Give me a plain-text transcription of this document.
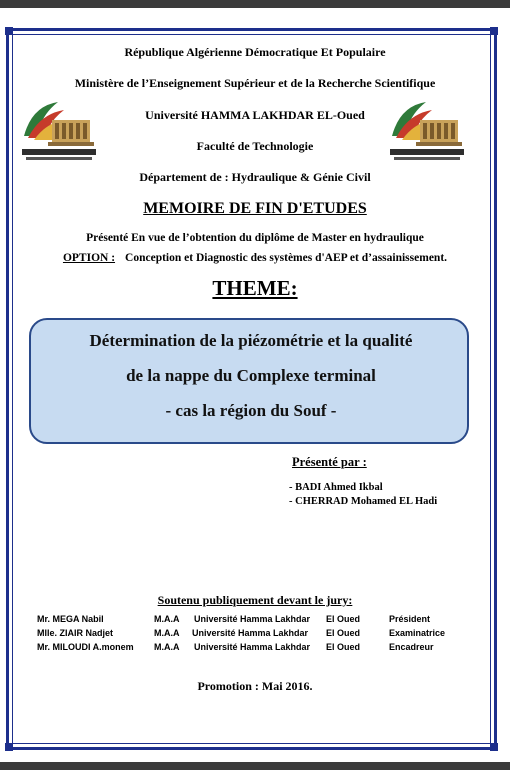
République Algérienne Démocratique Et Populaire
Ministère de l’Enseignement Supérieur et de la Recherche Scientifique
Université HAMMA LAKHDAR EL-Oued
Faculté de Technologie
Département de : Hydraulique & Génie Civil
MEMOIRE DE FIN D'ETUDES
Présenté En vue de l’obtention du diplôme de Master en hydraulique
OPTION : Conception et Diagnostic des systèmes d'AEP et d’assainissement.
THEME:
Détermination de la piézométrie et la qualité
de la nappe du Complexe terminal
- cas la région du Souf -
Présenté par :
- BADI Ahmed Ikbal
- CHERRAD Mohamed EL Hadi
Soutenu publiquement devant le jury:
Mr. MEGA Nabil	M.A.A Université Hamma Lakhdar El Oued	Président
Mlle. ZIAIR Nadjet	M.A.A Université Hamma Lakhdar El Oued	Examinatrice
Mr. MILOUDI A.monem M.A.A Université Hamma Lakhdar El Oued	Encadreur
Promotion : Mai 2016.
